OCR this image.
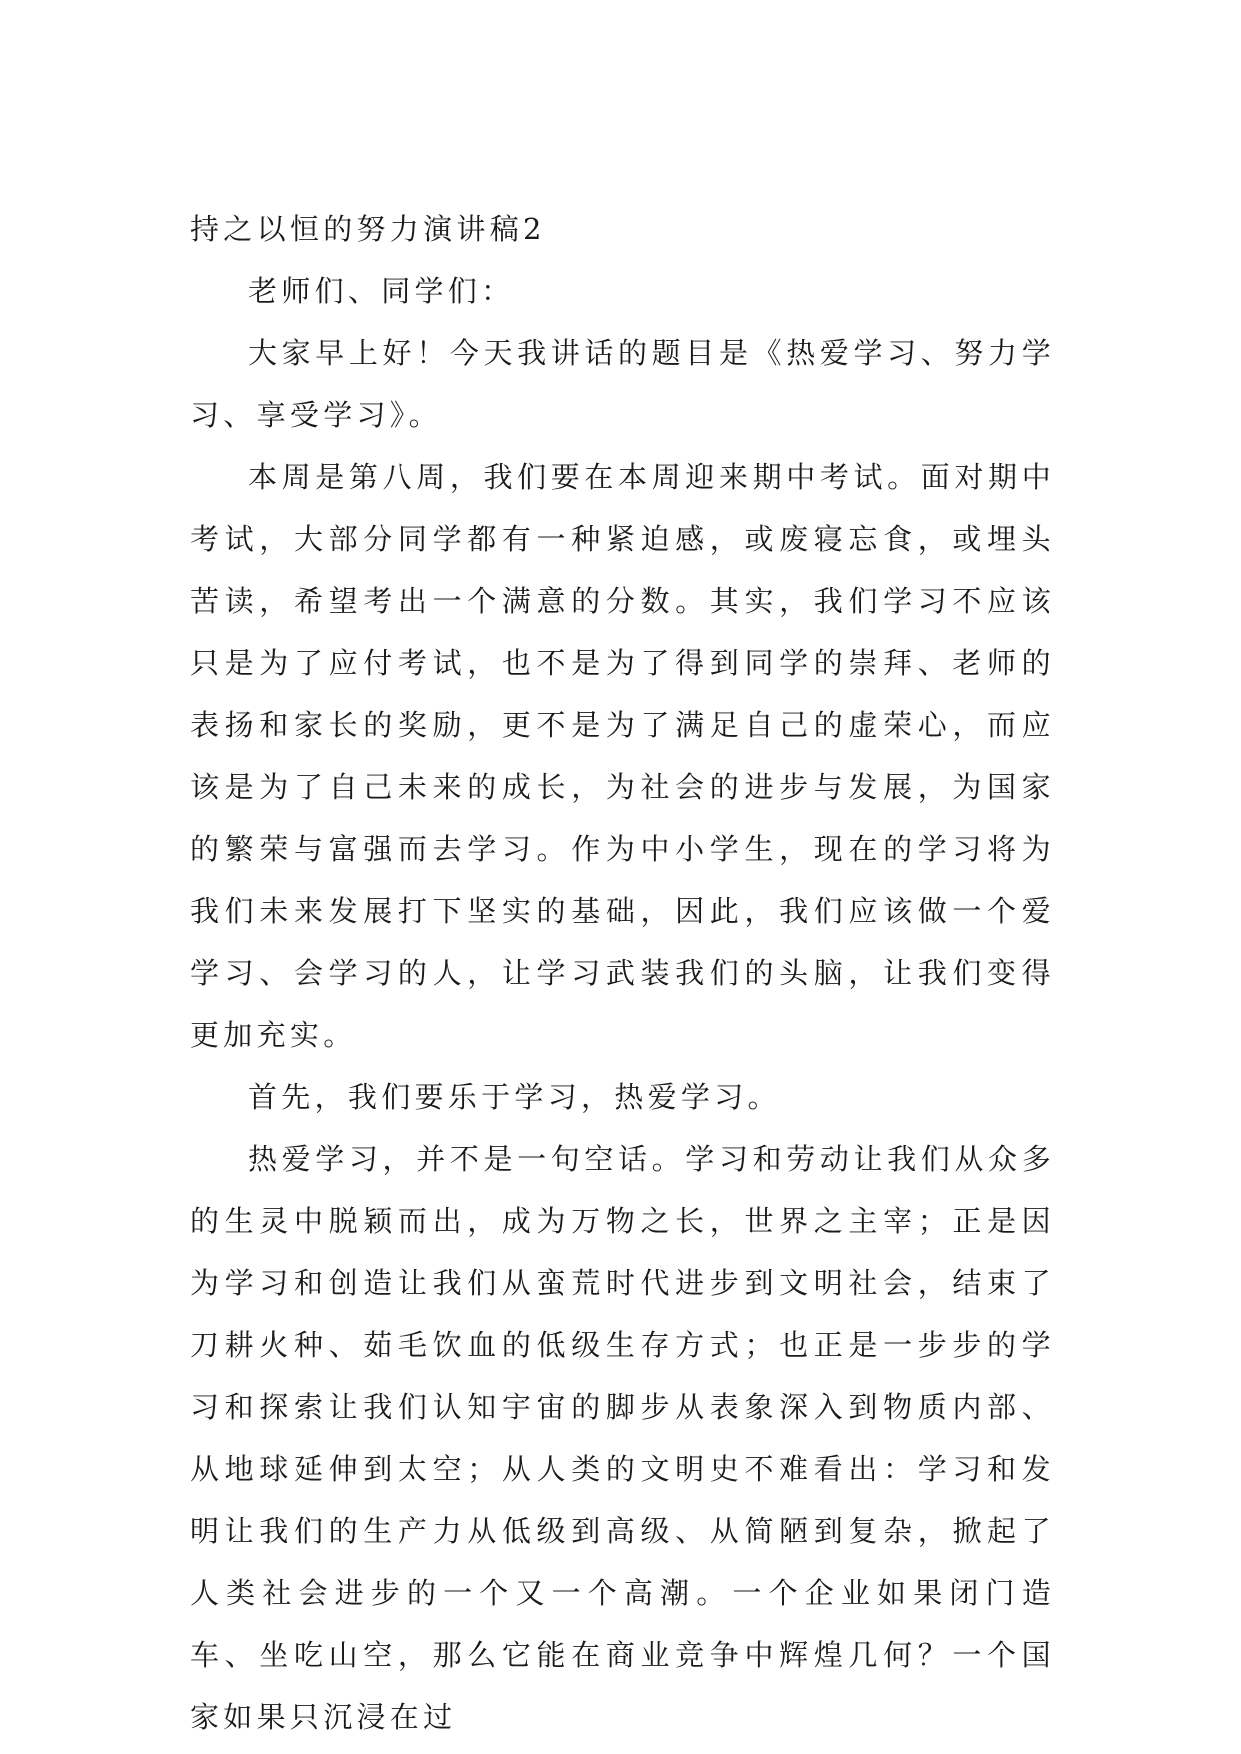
持之以恒的努力演讲稿2

老师们、同学们：

大家早上好！今天我讲话的题目是《热爱学习、努力学习、享受学习》。

本周是第八周，我们要在本周迎来期中考试。面对期中考试，大部分同学都有一种紧迫感，或废寝忘食，或埋头苦读，希望考出一个满意的分数。其实，我们学习不应该只是为了应付考试，也不是为了得到同学的崇拜、老师的表扬和家长的奖励，更不是为了满足自己的虚荣心，而应该是为了自己未来的成长，为社会的进步与发展，为国家的繁荣与富强而去学习。作为中小学生，现在的学习将为我们未来发展打下坚实的基础，因此，我们应该做一个爱学习、会学习的人，让学习武装我们的头脑，让我们变得更加充实。

首先，我们要乐于学习，热爱学习。

热爱学习，并不是一句空话。学习和劳动让我们从众多的生灵中脱颖而出，成为万物之长，世界之主宰；正是因为学习和创造让我们从蛮荒时代进步到文明社会，结束了刀耕火种、茹毛饮血的低级生存方式；也正是一步步的学习和探索让我们认知宇宙的脚步从表象深入到物质内部、从地球延伸到太空；从人类的文明史不难看出：学习和发明让我们的生产力从低级到高级、从简陋到复杂，掀起了人类社会进步的一个又一个高潮。一个企业如果闭门造车、坐吃山空，那么它能在商业竞争中辉煌几何？一个国家如果只沉浸在过
